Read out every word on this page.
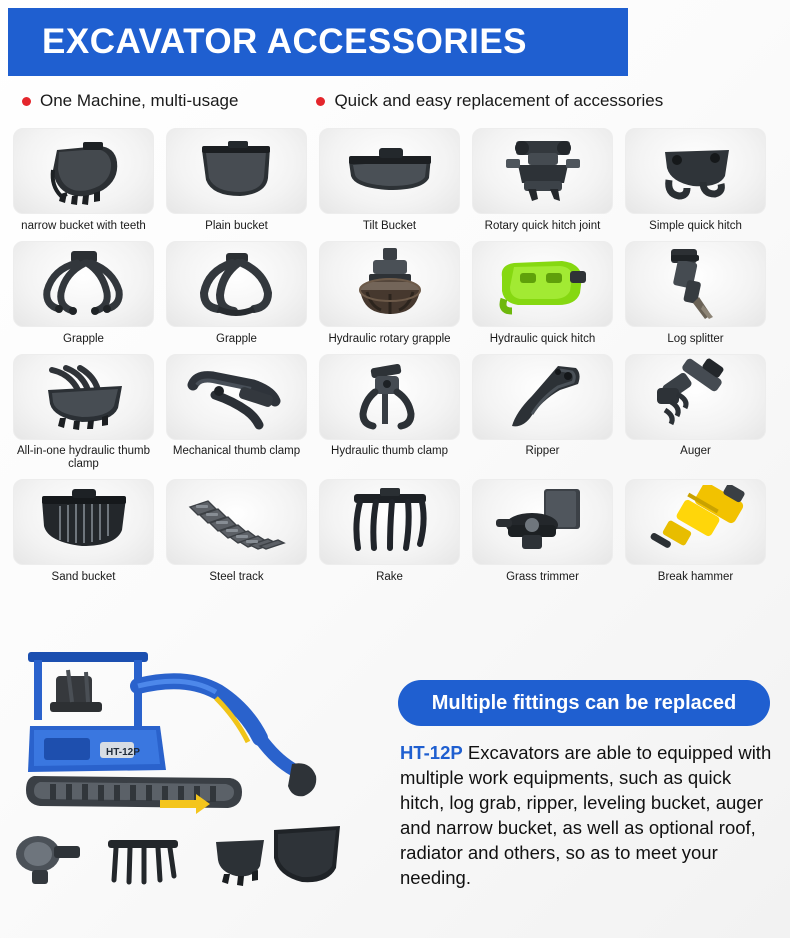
EXCAVATOR ACCESSORIES
One Machine, multi-usage	Quick and easy replacement of accessories
narrow bucket with teeth	Plain bucket	Tilt Bucket	Rotary quick hitch joint	Simple quick hitch
Grapple	Grapple	Hydraulic rotary grapple	Hydraulic quick hitch	Log splitter
All-in-one hydraulic thumb clamp
Mechanical thumb clamp	Hydraulic thumb clamp	Ripper	Auger
Sand bucket	Steel track	Rake	Grass trimmer	Break hammer
HT-12P
Multiple fittings can be replaced
HT-12P Excavators are able to equipped with multiple work equipments, such as quick hitch, log grab, ripper, leveling bucket, auger and narrow bucket, as well as optional roof, radiator and others, so as to meet your needing.
